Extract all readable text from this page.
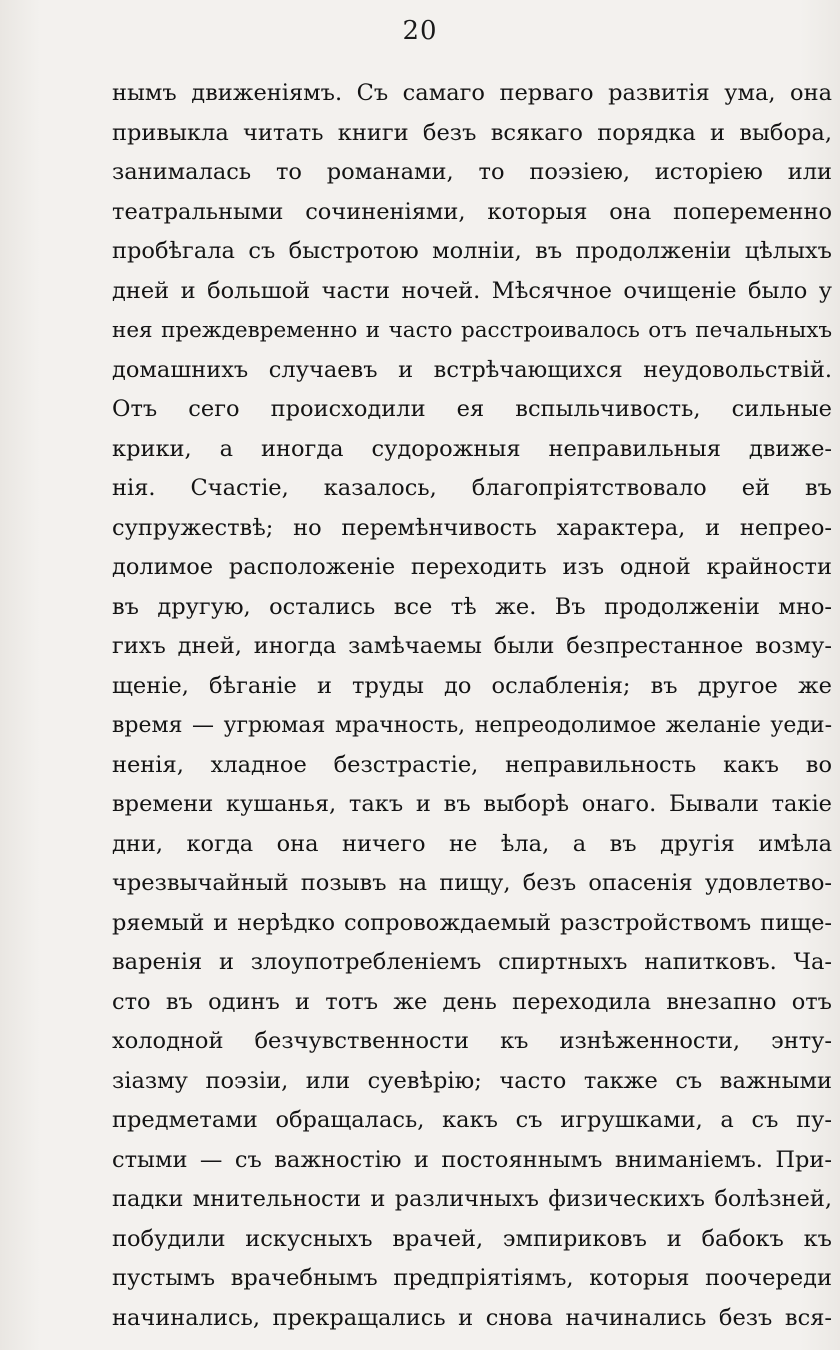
20
нымъ движеніямъ. Съ самаго перваго развитія ума, она
привыкла читать книги безъ всякаго порядка и выбора,
занималась то романами, то поэзіею, исторіею или
театральными сочиненіями, которыя она попеременно
пробѣгала съ быстротою молніи, въ продолженіи цѣлыхъ
дней и большой части ночей. Мѣсячное очищеніе было у
нея преждевременно и часто расстроивалось отъ печальныхъ
домашнихъ случаевъ и встрѣчающихся неудовольствій.
Отъ сего происходили ея вспыльчивость, сильные
крики, а иногда судорожныя неправильныя движе-
нія. Счастіе, казалось, благопріятствовало ей въ
супружествѣ; но перемѣнчивость характера, и непрео-
долимое расположеніе переходить изъ одной крайности
въ другую, остались все тѣ же. Въ продолженіи мно-
гихъ дней, иногда замѣчаемы были безпрестанное возму-
щеніе, бѣганіе и труды до ослабленія; въ другое же
время — угрюмая мрачность, непреодолимое желаніе уеди-
ненія, хладное безстрастіе, неправильность какъ во
времени кушанья, такъ и въ выборѣ онаго. Бывали такіе
дни, когда она ничего не ѣла, а въ другія имѣла
чрезвычайный позывъ на пищу, безъ опасенія удовлетво-
ряемый и нерѣдко сопровождаемый разстройствомъ пище-
варенія и злоупотребленіемъ спиртныхъ напитковъ. Ча-
сто въ одинъ и тотъ же день переходила внезапно отъ
холодной безчувственности къ изнѣженности, энту-
зіазму поэзіи, или суевѣрію; часто также съ важными
предметами обращалась, какъ съ игрушками, а съ пу-
стыми — съ важностію и постояннымъ вниманіемъ. При-
падки мнительности и различныхъ физическихъ болѣзней,
побудили искусныхъ врачей, эмпириковъ и бабокъ къ
пустымъ врачебнымъ предпріятіямъ, которыя поочереди
начинались, прекращались и снова начинались безъ вся-
